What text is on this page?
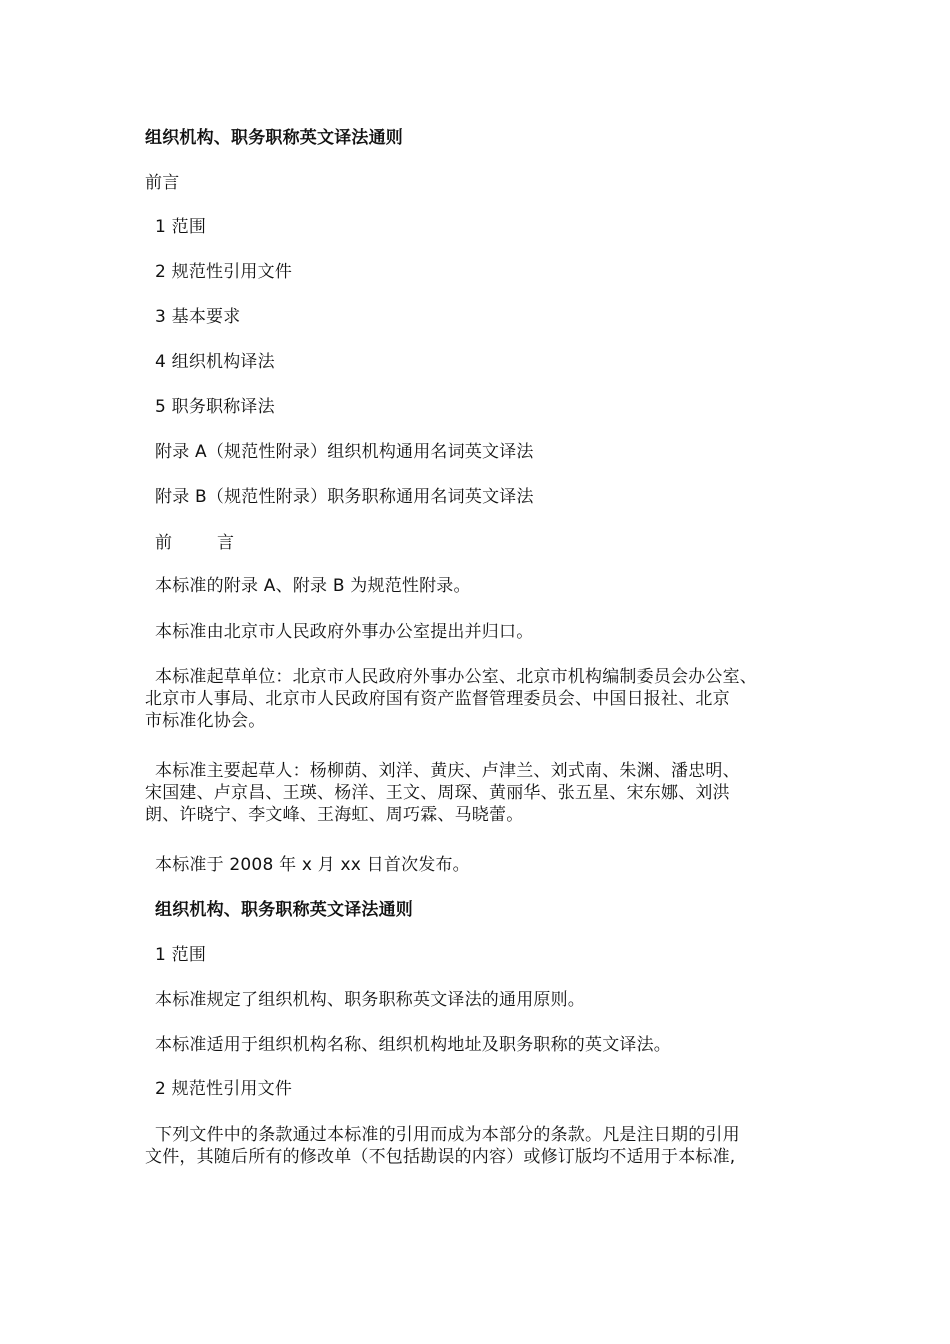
组织机构、职务职称英文译法通则
前言
1 范围
2 规范性引用文件
3 基本要求
4 组织机构译法
5 职务职称译法
附录 A（规范性附录）组织机构通用名词英文译法
附录 B（规范性附录）职务职称通用名词英文译法
前        言
本标准的附录 A、附录 B 为规范性附录。
本标准由北京市人民政府外事办公室提出并归口。
本标准起草单位：北京市人民政府外事办公室、北京市机构编制委员会办公室、
北京市人事局、北京市人民政府国有资产监督管理委员会、中国日报社、北京
市标准化协会。
本标准主要起草人：杨柳荫、刘洋、黄庆、卢津兰、刘式南、朱渊、潘忠明、
宋国建、卢京昌、王瑛、杨洋、王文、周琛、黄丽华、张五星、宋东娜、刘洪
朗、许晓宁、李文峰、王海虹、周巧霖、马晓蕾。
本标准于 2008 年 x 月 xx 日首次发布。
组织机构、职务职称英文译法通则
1 范围
本标准规定了组织机构、职务职称英文译法的通用原则。
本标准适用于组织机构名称、组织机构地址及职务职称的英文译法。
2 规范性引用文件
下列文件中的条款通过本标准的引用而成为本部分的条款。凡是注日期的引用
文件，其随后所有的修改单（不包括勘误的内容）或修订版均不适用于本标准,
